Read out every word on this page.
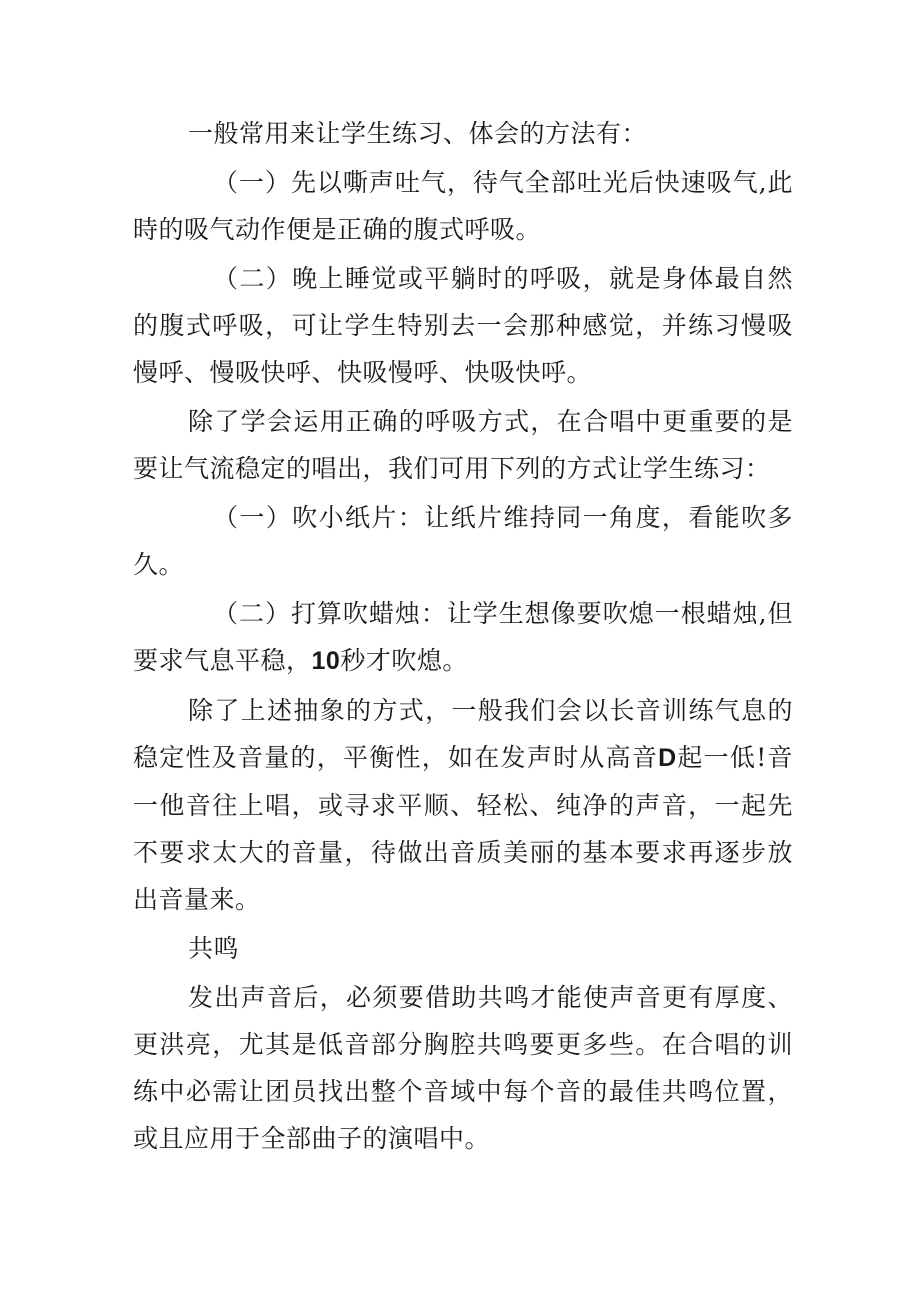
一般常用来让学生练习、体会的方法有：

（一）先以嘶声吐气，待气全部吐光后快速吸气,此時的吸气动作便是正确的腹式呼吸。

（二）晚上睡觉或平躺时的呼吸，就是身体最自然的腹式呼吸，可让学生特别去一会那种感觉，并练习慢吸慢呼、慢吸快呼、快吸慢呼、快吸快呼。

除了学会运用正确的呼吸方式，在合唱中更重要的是要让气流稳定的唱出，我们可用下列的方式让学生练习：

（一）吹小纸片：让纸片维持同一角度，看能吹多久。

（二）打算吹蜡烛：让学生想像要吹熄一根蜡烛,但要求气息平稳，10秒才吹熄。

除了上述抽象的方式，一般我们会以长音训练气息的稳定性及音量的，平衡性，如在发声时从高音D起一低!音一他音往上唱，或寻求平顺、轻松、纯净的声音，一起先不要求太大的音量，待做出音质美丽的基本要求再逐步放出音量来。

共鸣

发出声音后，必须要借助共鸣才能使声音更有厚度、更洪亮，尤其是低音部分胸腔共鸣要更多些。在合唱的训练中必需让团员找出整个音域中每个音的最佳共鸣位置，或且应用于全部曲子的演唱中。
